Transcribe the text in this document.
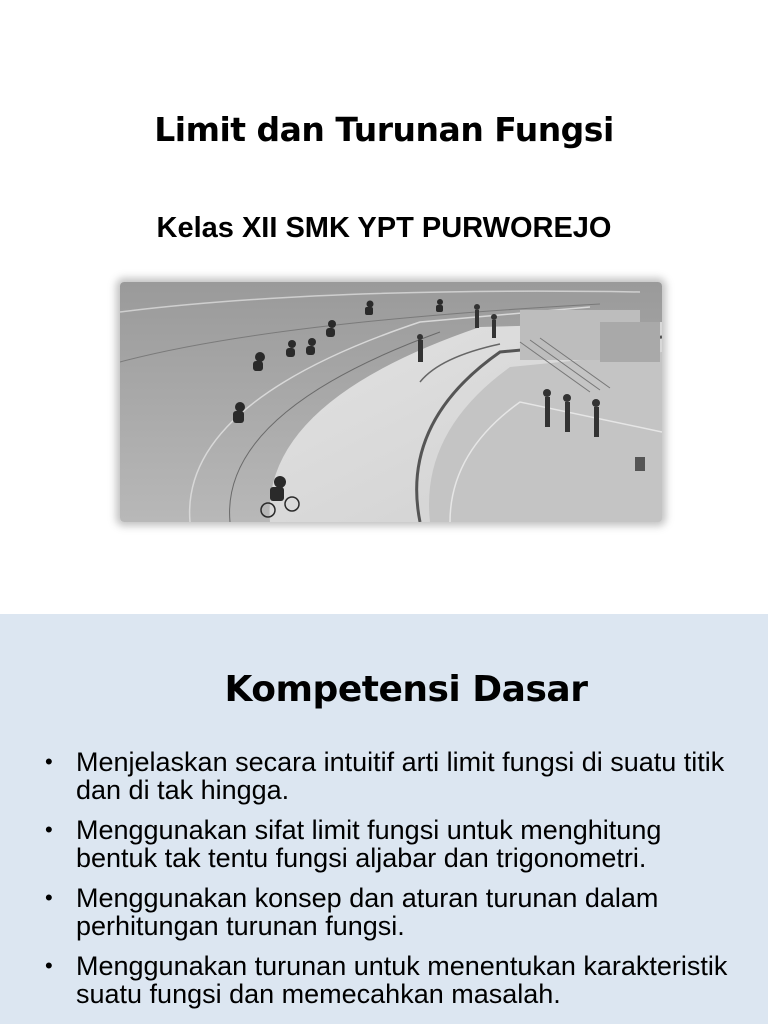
Limit dan Turunan Fungsi
Kelas XII SMK YPT PURWOREJO
Kompetensi Dasar
• Menjelaskan secara intuitif arti limit fungsi di suatu titik dan di tak hingga.
• Menggunakan sifat limit fungsi untuk menghitung bentuk tak tentu fungsi aljabar dan trigonometri.
• Menggunakan konsep dan aturan turunan dalam perhitungan turunan fungsi.
• Menggunakan turunan untuk menentukan karakteristik suatu fungsi dan memecahkan masalah.
